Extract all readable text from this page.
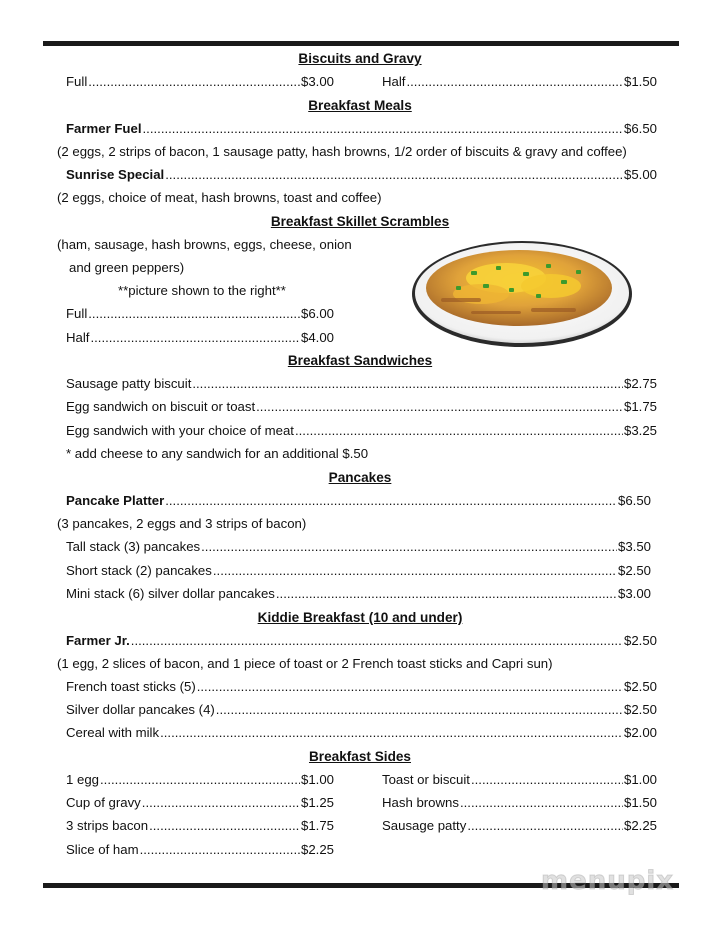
Biscuits and Gravy
Full .....	$3.00	Half .....	$1.50
Breakfast Meals
Farmer Fuel .....	$6.50
(2 eggs, 2 strips of bacon, 1 sausage patty, hash browns, 1/2 order of biscuits & gravy and coffee)
Sunrise Special .....	$5.00
(2 eggs, choice of meat, hash browns, toast and coffee)
Breakfast Skillet Scrambles
(ham, sausage, hash browns, eggs, cheese, onion
and green peppers)
**picture shown to the right**
Full .....	$6.00
Half .....	$4.00
Breakfast Sandwiches
Sausage patty biscuit .....	$2.75
Egg sandwich on biscuit or toast .....	$1.75
Egg sandwich with your choice of meat .....	$3.25
* add cheese to any sandwich for an additional $.50
Pancakes
Pancake Platter .....	$6.50
(3 pancakes, 2 eggs and 3 strips of bacon)
Tall stack (3) pancakes .....	$3.50
Short stack (2) pancakes .....	$2.50
Mini stack (6) silver dollar pancakes .....	$3.00
Kiddie Breakfast (10 and under)
Farmer Jr. .....	$2.50
(1 egg, 2 slices of bacon, and 1 piece of toast or 2 French toast sticks and Capri sun)
French toast sticks (5) .....	$2.50
Silver dollar pancakes (4) .....	$2.50
Cereal with milk .....	$2.00
Breakfast Sides
1 egg .....	$1.00
Cup of gravy .....	$1.25
3 strips bacon .....	$1.75
Slice of ham .....	$2.25
Toast or biscuit .....	$1.00
Hash browns .....	$1.50
Sausage patty .....	$2.25
menupix
